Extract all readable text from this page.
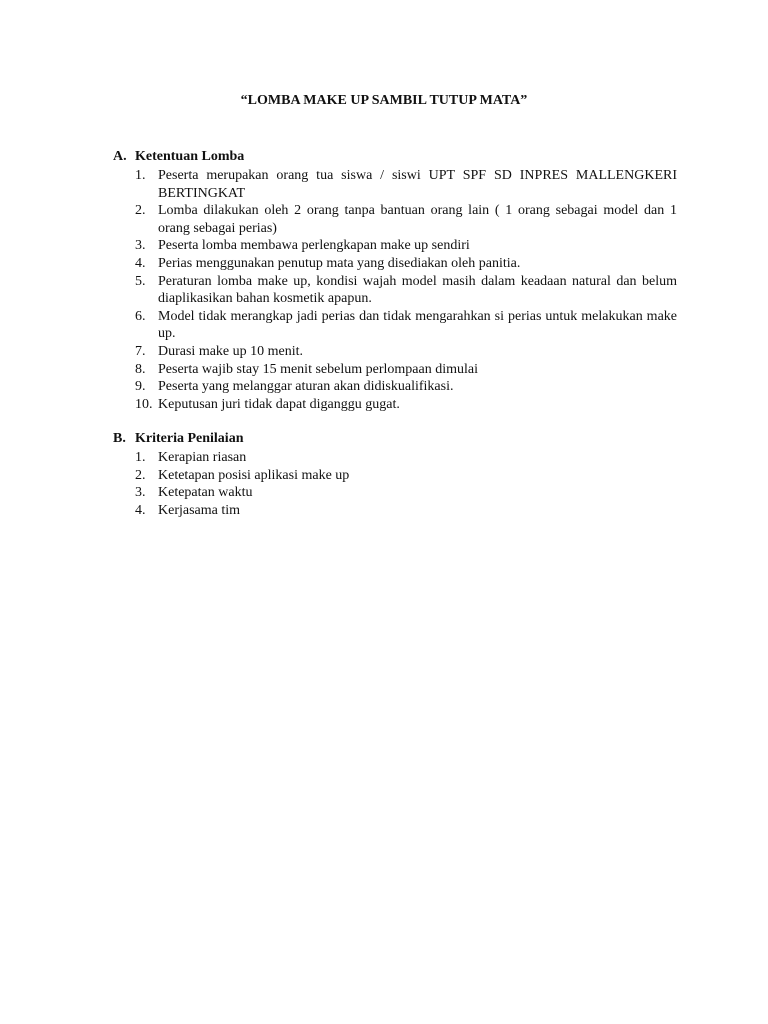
“LOMBA MAKE UP SAMBIL TUTUP MATA”
A. Ketentuan Lomba
1. Peserta merupakan orang tua siswa / siswi UPT SPF SD INPRES MALLENGKERI BERTINGKAT
2. Lomba dilakukan oleh 2 orang tanpa bantuan orang lain ( 1 orang sebagai model dan 1 orang sebagai perias)
3. Peserta lomba membawa perlengkapan make up sendiri
4. Perias menggunakan penutup mata yang disediakan oleh panitia.
5. Peraturan lomba make up, kondisi wajah model masih dalam keadaan natural dan belum diaplikasikan bahan kosmetik apapun.
6. Model tidak merangkap jadi perias dan tidak mengarahkan si perias untuk melakukan make up.
7. Durasi make up 10 menit.
8. Peserta wajib stay 15 menit sebelum perlompaan dimulai
9. Peserta yang melanggar aturan akan didiskualifikasi.
10. Keputusan juri tidak dapat diganggu gugat.
B. Kriteria Penilaian
1. Kerapian riasan
2. Ketetapan posisi aplikasi make up
3. Ketepatan waktu
4. Kerjasama tim
